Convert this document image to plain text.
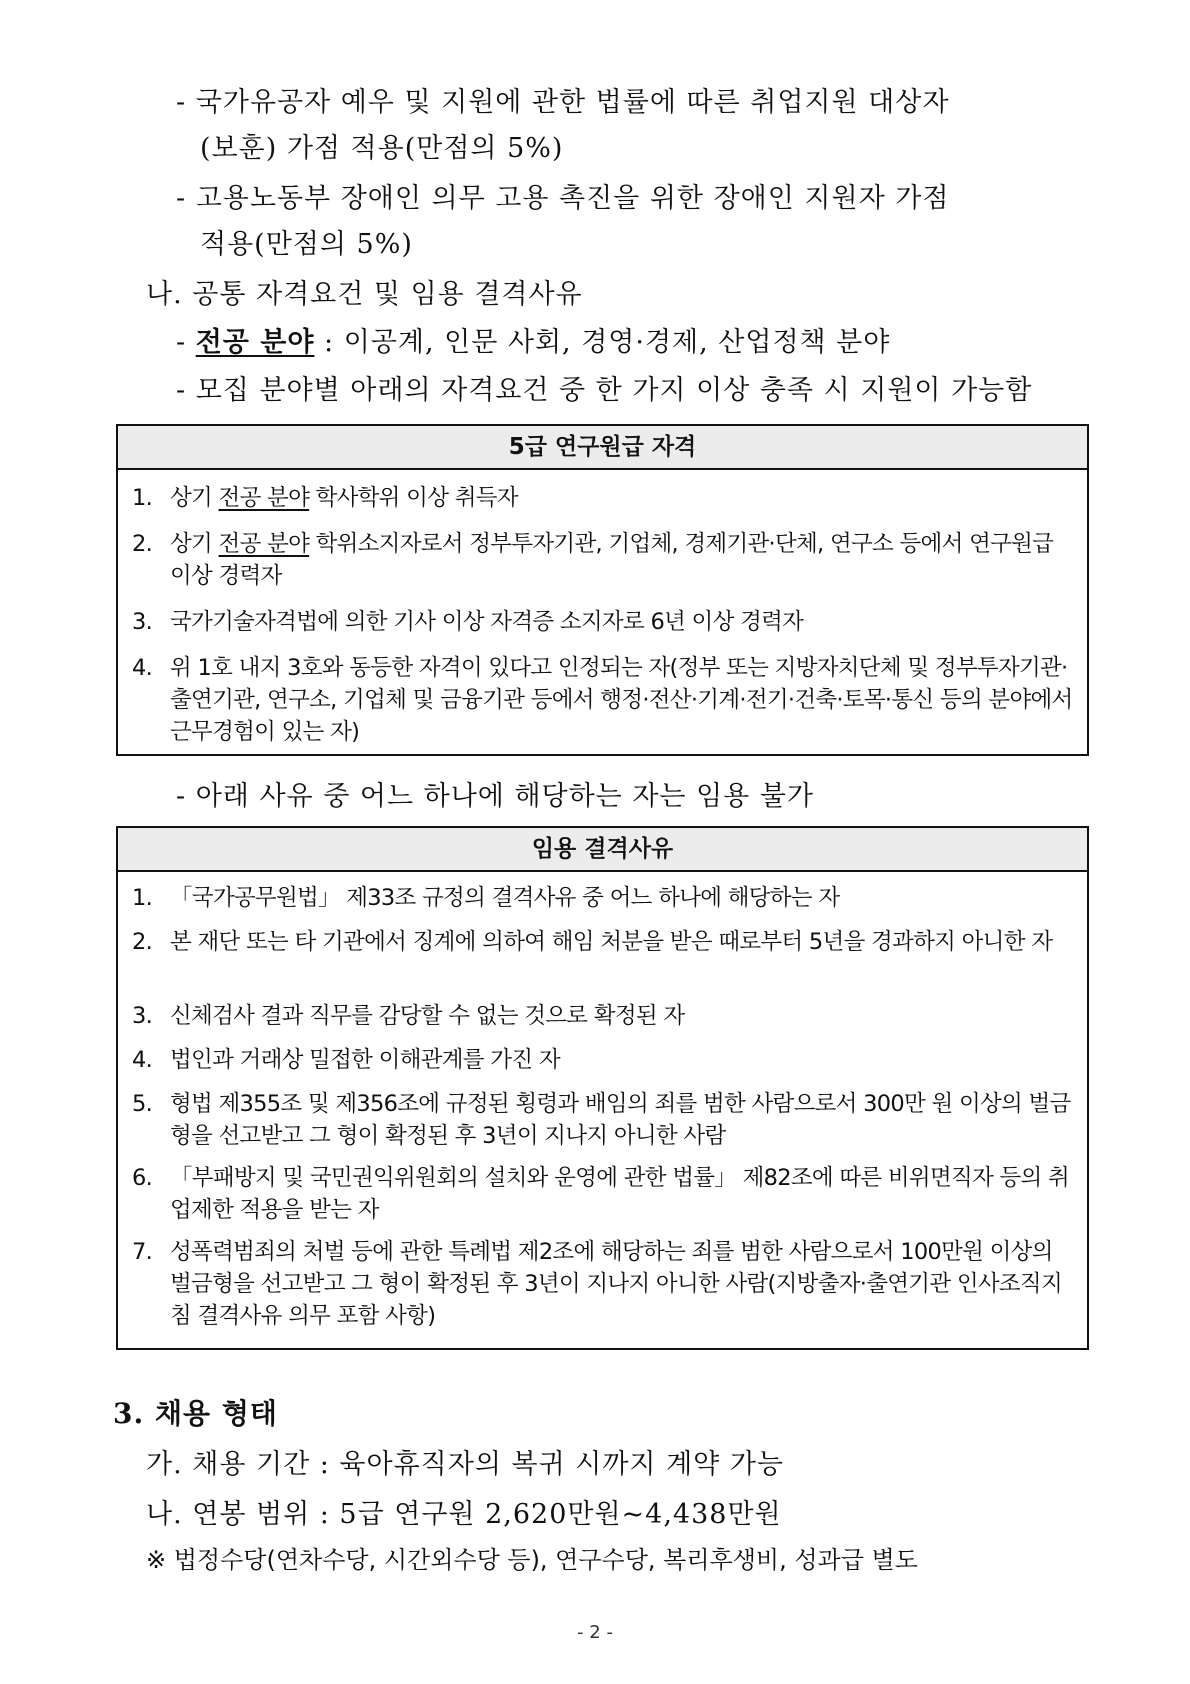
- 국가유공자 예우 및 지원에 관한 법률에 따른 취업지원 대상자
(보훈) 가점 적용(만점의 5%)
- 고용노동부 장애인 의무 고용 촉진을 위한 장애인 지원자 가점
적용(만점의 5%)
나. 공통 자격요건 및 임용 결격사유
- 전공 분야 : 이공계, 인문 사회, 경영·경제, 산업정책 분야
- 모집 분야별 아래의 자격요건 중 한 가지 이상 충족 시 지원이 가능함
5급 연구원급 자격
1. 상기 전공 분야 학사학위 이상 취득자
2. 상기 전공 분야 학위소지자로서 정부투자기관, 기업체, 경제기관·단체, 연구소 등에서 연구원급 이상 경력자
3. 국가기술자격법에 의한 기사 이상 자격증 소지자로 6년 이상 경력자
4. 위 1호 내지 3호와 동등한 자격이 있다고 인정되는 자(정부 또는 지방자치단체 및 정부투자기관·출연기관, 연구소, 기업체 및 금융기관 등에서 행정·전산·기계·전기·건축·토목·통신 등의 분야에서 근무경험이 있는 자)
- 아래 사유 중 어느 하나에 해당하는 자는 임용 불가
임용 결격사유
1. 「국가공무원법」 제33조 규정의 결격사유 중 어느 하나에 해당하는 자
2. 본 재단 또는 타 기관에서 징계에 의하여 해임 처분을 받은 때로부터 5년을 경과하지 아니한 자
3. 신체검사 결과 직무를 감당할 수 없는 것으로 확정된 자
4. 법인과 거래상 밀접한 이해관계를 가진 자
5. 형법 제355조 및 제356조에 규정된 횡령과 배임의 죄를 범한 사람으로서 300만 원 이상의 벌금형을 선고받고 그 형이 확정된 후 3년이 지나지 아니한 사람
6. 「부패방지 및 국민권익위원회의 설치와 운영에 관한 법률」 제82조에 따른 비위면직자 등의 취업제한 적용을 받는 자
7. 성폭력범죄의 처벌 등에 관한 특례법 제2조에 해당하는 죄를 범한 사람으로서 100만원 이상의 벌금형을 선고받고 그 형이 확정된 후 3년이 지나지 아니한 사람(지방출자·출연기관 인사조직지침 결격사유 의무 포함 사항)
3. 채용 형태
가. 채용 기간 : 육아휴직자의 복귀 시까지 계약 가능
나. 연봉 범위 : 5급 연구원 2,620만원~4,438만원
※ 법정수당(연차수당, 시간외수당 등), 연구수당, 복리후생비, 성과급 별도
- 2 -
